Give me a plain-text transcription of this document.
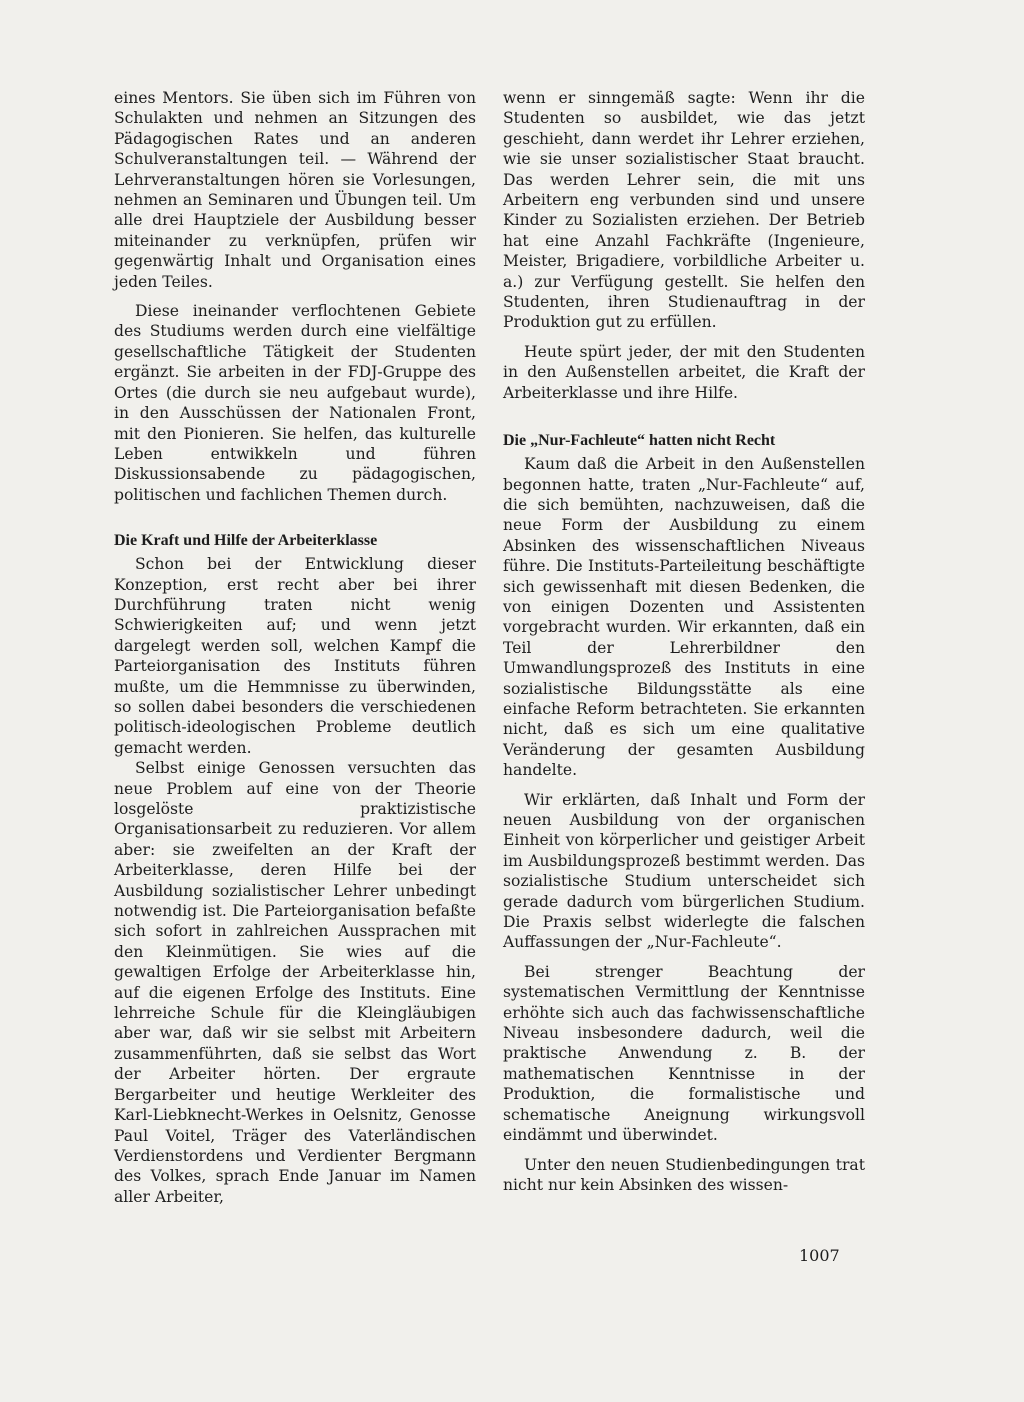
eines Mentors. Sie üben sich im Führen von Schulakten und nehmen an Sitzungen des Pädagogischen Rates und an anderen Schulveranstaltungen teil. — Während der Lehrveranstaltungen hören sie Vorlesungen, nehmen an Seminaren und Übungen teil. Um alle drei Hauptziele der Ausbildung besser miteinander zu verknüpfen, prüfen wir gegenwärtig Inhalt und Organisation eines jeden Teiles.

Diese ineinander verflochtenen Gebiete des Studiums werden durch eine vielfältige gesellschaftliche Tätigkeit der Studenten ergänzt. Sie arbeiten in der FDJ-Gruppe des Ortes (die durch sie neu aufgebaut wurde), in den Ausschüssen der Nationalen Front, mit den Pionieren. Sie helfen, das kulturelle Leben entwikkeln und führen Diskussionsabende zu pädagogischen, politischen und fachlichen Themen durch.

Die Kraft und Hilfe der Arbeiterklasse

Schon bei der Entwicklung dieser Konzeption, erst recht aber bei ihrer Durchführung traten nicht wenig Schwierigkeiten auf; und wenn jetzt dargelegt werden soll, welchen Kampf die Parteiorganisation des Instituts führen mußte, um die Hemmnisse zu überwinden, so sollen dabei besonders die verschiedenen politisch-ideologischen Probleme deutlich gemacht werden.

Selbst einige Genossen versuchten das neue Problem auf eine von der Theorie losgelöste praktizistische Organisationsarbeit zu reduzieren. Vor allem aber: sie zweifelten an der Kraft der Arbeiterklasse, deren Hilfe bei der Ausbildung sozialistischer Lehrer unbedingt notwendig ist. Die Parteiorganisation befaßte sich sofort in zahlreichen Aussprachen mit den Kleinmütigen. Sie wies auf die gewaltigen Erfolge der Arbeiterklasse hin, auf die eigenen Erfolge des Instituts. Eine lehrreiche Schule für die Kleingläubigen aber war, daß wir sie selbst mit Arbeitern zusammenführten, daß sie selbst das Wort der Arbeiter hörten. Der ergraute Bergarbeiter und heutige Werkleiter des Karl-Liebknecht-Werkes in Oelsnitz, Genosse Paul Voitel, Träger des Vaterländischen Verdienstordens und Verdienter Bergmann des Volkes, sprach Ende Januar im Namen aller Arbeiter,

wenn er sinngemäß sagte: Wenn ihr die Studenten so ausbildet, wie das jetzt geschieht, dann werdet ihr Lehrer erziehen, wie sie unser sozialistischer Staat braucht. Das werden Lehrer sein, die mit uns Arbeitern eng verbunden sind und unsere Kinder zu Sozialisten erziehen. Der Betrieb hat eine Anzahl Fachkräfte (Ingenieure, Meister, Brigadiere, vorbildliche Arbeiter u. a.) zur Verfügung gestellt. Sie helfen den Studenten, ihren Studienauftrag in der Produktion gut zu erfüllen.

Heute spürt jeder, der mit den Studenten in den Außenstellen arbeitet, die Kraft der Arbeiterklasse und ihre Hilfe.

Die „Nur-Fachleute“ hatten nicht Recht

Kaum daß die Arbeit in den Außenstellen begonnen hatte, traten „Nur-Fachleute“ auf, die sich bemühten, nachzuweisen, daß die neue Form der Ausbildung zu einem Absinken des wissenschaftlichen Niveaus führe. Die Instituts-Parteileitung beschäftigte sich gewissenhaft mit diesen Bedenken, die von einigen Dozenten und Assistenten vorgebracht wurden. Wir erkannten, daß ein Teil der Lehrerbildner den Umwandlungsprozeß des Instituts in eine sozialistische Bildungsstätte als eine einfache Reform betrachteten. Sie erkannten nicht, daß es sich um eine qualitative Veränderung der gesamten Ausbildung handelte.

Wir erklärten, daß Inhalt und Form der neuen Ausbildung von der organischen Einheit von körperlicher und geistiger Arbeit im Ausbildungsprozeß bestimmt werden. Das sozialistische Studium unterscheidet sich gerade dadurch vom bürgerlichen Studium. Die Praxis selbst widerlegte die falschen Auffassungen der „Nur-Fachleute“.

Bei strenger Beachtung der systematischen Vermittlung der Kenntnisse erhöhte sich auch das fachwissenschaftliche Niveau insbesondere dadurch, weil die praktische Anwendung z. B. der mathematischen Kenntnisse in der Produktion, die formalistische und schematische Aneignung wirkungsvoll eindämmt und überwindet.

Unter den neuen Studienbedingungen trat nicht nur kein Absinken des wissen-

1007
